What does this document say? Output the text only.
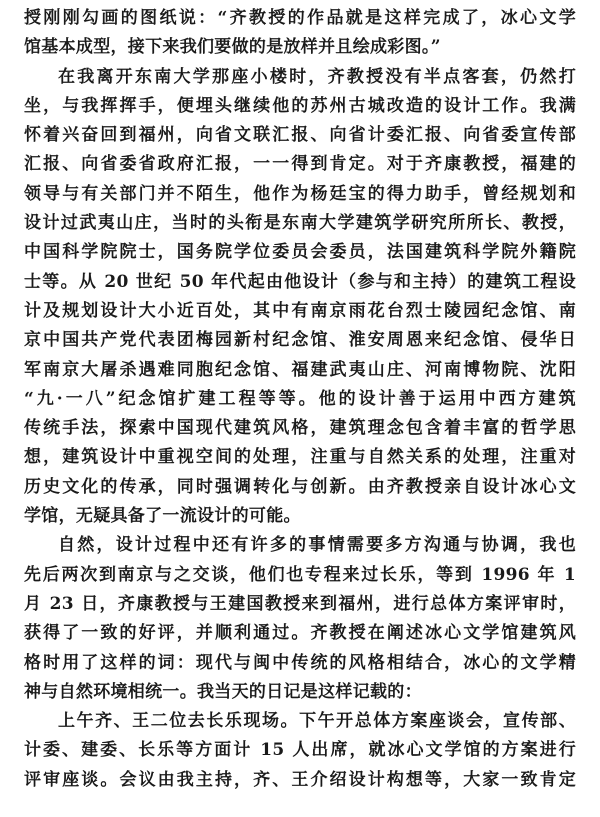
授刚刚勾画的图纸说：“齐教授的作品就是这样完成了，冰心文学
馆基本成型，接下来我们要做的是放样并且绘成彩图。”
在我离开东南大学那座小楼时，齐教授没有半点客套，仍然打
坐，与我挥挥手，便埋头继续他的苏州古城改造的设计工作。我满
怀着兴奋回到福州，向省文联汇报、向省计委汇报、向省委宣传部
汇报、向省委省政府汇报，一一得到肯定。对于齐康教授，福建的
领导与有关部门并不陌生，他作为杨廷宝的得力助手，曾经规划和
设计过武夷山庄，当时的头衔是东南大学建筑学研究所所长、教授，
中国科学院院士，国务院学位委员会委员，法国建筑科学院外籍院
士等。从 20 世纪 50 年代起由他设计（参与和主持）的建筑工程设
计及规划设计大小近百处，其中有南京雨花台烈士陵园纪念馆、南
京中国共产党代表团梅园新村纪念馆、淮安周恩来纪念馆、侵华日
军南京大屠杀遇难同胞纪念馆、福建武夷山庄、河南博物院、沈阳
“九·一八”纪念馆扩建工程等等。他的设计善于运用中西方建筑
传统手法，探索中国现代建筑风格，建筑理念包含着丰富的哲学思
想，建筑设计中重视空间的处理，注重与自然关系的处理，注重对
历史文化的传承，同时强调转化与创新。由齐教授亲自设计冰心文
学馆，无疑具备了一流设计的可能。
自然，设计过程中还有许多的事情需要多方沟通与协调，我也
先后两次到南京与之交谈，他们也专程来过长乐，等到 1996 年 1
月 23 日，齐康教授与王建国教授来到福州，进行总体方案评审时，
获得了一致的好评，并顺利通过。齐教授在阐述冰心文学馆建筑风
格时用了这样的词：现代与闽中传统的风格相结合，冰心的文学精
神与自然环境相统一。我当天的日记是这样记载的：
上午齐、王二位去长乐现场。下午开总体方案座谈会，宣传部、
计委、建委、长乐等方面计 15 人出席，就冰心文学馆的方案进行
评审座谈。会议由我主持，齐、王介绍设计构想等，大家一致肯定
